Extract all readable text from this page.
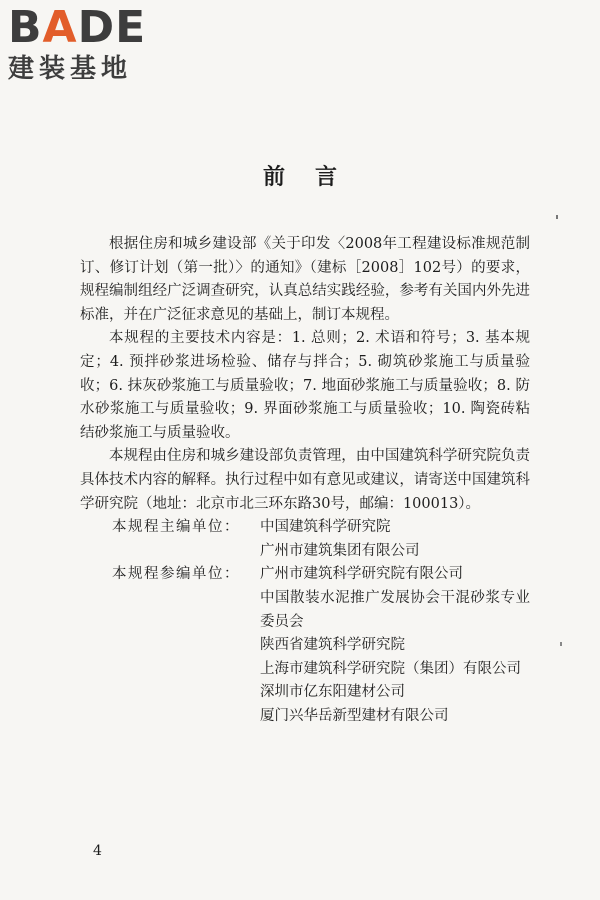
B A DE
建装基地
前言

根据住房和城乡建设部《关于印发〈2008年工程建设标准规范制订、修订计划（第一批）〉的通知》（建标［2008］102号）的要求，规程编制组经广泛调查研究，认真总结实践经验，参考有关国内外先进标准，并在广泛征求意见的基础上，制订本规程。

本规程的主要技术内容是：1. 总则；2. 术语和符号；3. 基本规定；4. 预拌砂浆进场检验、储存与拌合；5. 砌筑砂浆施工与质量验收；6. 抹灰砂浆施工与质量验收；7. 地面砂浆施工与质量验收；8. 防水砂浆施工与质量验收；9. 界面砂浆施工与质量验收；10. 陶瓷砖粘结砂浆施工与质量验收。

本规程由住房和城乡建设部负责管理，由中国建筑科学研究院负责具体技术内容的解释。执行过程中如有意见或建议，请寄送中国建筑科学研究院（地址：北京市北三环东路30号，邮编：100013）。

本规程主编单位：	中国建筑科学研究院
广州市建筑集团有限公司
本规程参编单位：	广州市建筑科学研究院有限公司
中国散装水泥推广发展协会干混砂浆专业委员会
陕西省建筑科学研究院
上海市建筑科学研究院（集团）有限公司
深圳市亿东阳建材公司
厦门兴华岳新型建材有限公司
4
